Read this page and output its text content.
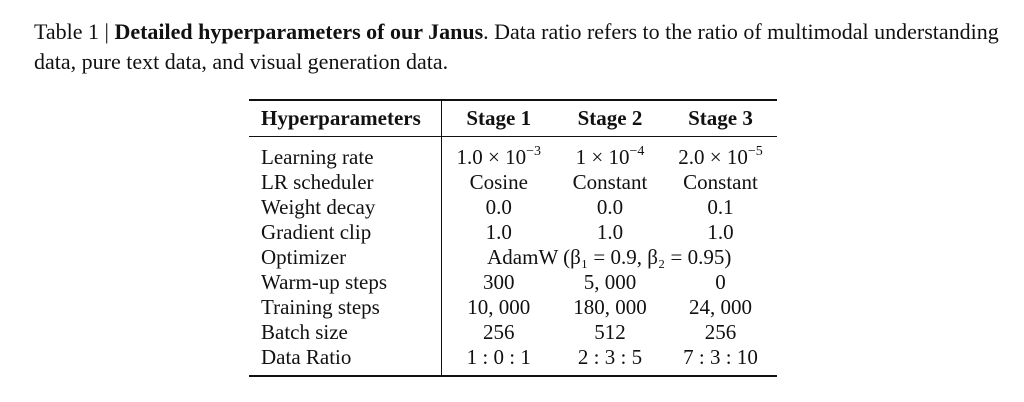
Table 1 | Detailed hyperparameters of our Janus. Data ratio refers to the ratio of multimodal understanding data, pure text data, and visual generation data.

Hyperparameters	Stage 1	Stage 2	Stage 3
Learning rate	$1.0 \times 10^{-3}$	$1 \times 10^{-4}$	$2.0 \times 10^{-5}$
LR scheduler	Cosine	Constant	Constant
Weight decay	0.0	0.0	0.1
Gradient clip	1.0	1.0	1.0
Optimizer	AdamW (β₁ = 0.9, β₂ = 0.95)		
Warm-up steps	300	5, 000	0
Training steps	10, 000	180, 000	24, 000
Batch size	256	512	256
Data Ratio	1 : 0 : 1	2 : 3 : 5	7 : 3 : 10
